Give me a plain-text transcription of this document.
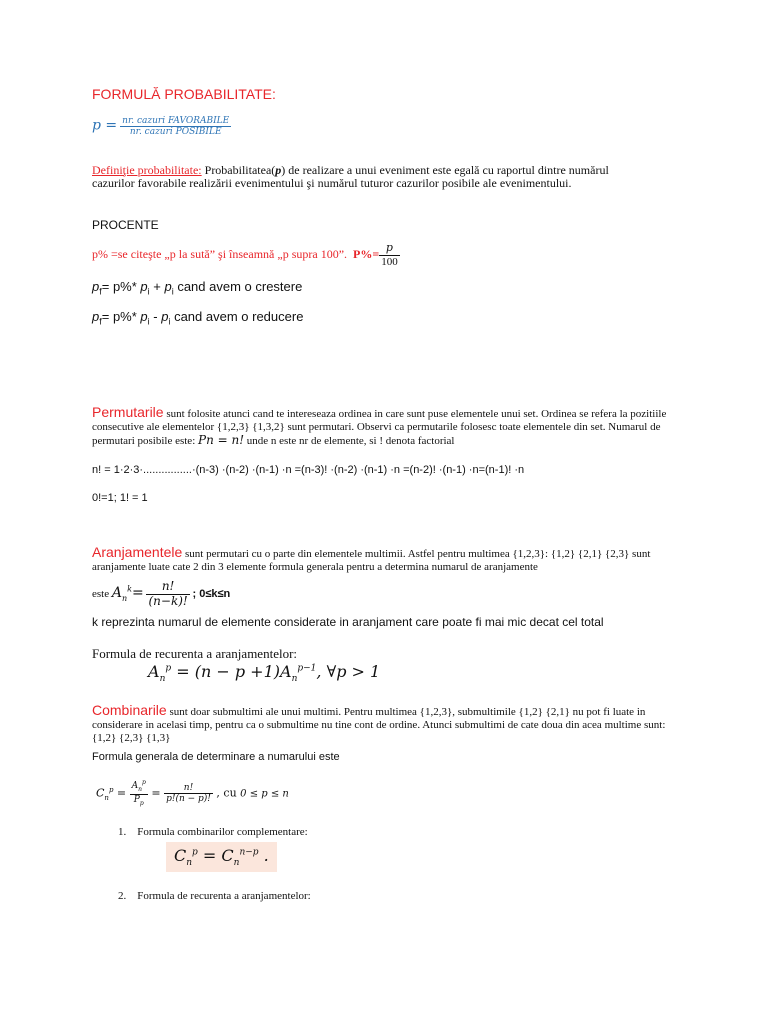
FORMULĂ PROBABILITATE:
$p = \frac{\text{nr. cazuri FAVORABILE}}{\text{nr. cazuri POSIBILE}}$

Definiţie probabilitate: Probabilitatea(p) de realizare a unui eveniment este egală cu raportul dintre numărul cazurilor favorabile realizării evenimentului şi numărul tuturor cazurilor posibile ale evenimentului.

PROCENTE
p% =se citeşte „p la sută” şi înseamnă „p supra 100”. $P\%= \frac{p}{100}$
$p_f= p\%*$ $p_i + p_i$ cand avem o crestere
$p_f= p\%*$ $p_i - p_i$ cand avem o reducere

Permutarile sunt folosite atunci cand te intereseaza ordinea in care sunt puse elementele unui set. Ordinea se refera la pozitiile consecutive ale elementelor {1,2,3} {1,3,2} sunt permutari. Observi ca permutarile folosesc toate elementele din set. Numarul de permutari posibile este: Pn = n! unde n este nr de elemente, si ! denota factorial

n! = 1·2·3·................·(n-3) ·(n-2) ·(n-1) ·n =(n-3)! ·(n-2) ·(n-1) ·n =(n-2)! ·(n-1) ·n=(n-1)! ·n
0!=1; 1! = 1

Aranjamentele sunt permutari cu o parte din elementele multimii. Astfel pentru multimea {1,2,3}: {1,2} {2,1} {2,3} sunt aranjamente luate cate 2 din 3 elemente formula generala pentru a determina numarul de aranjamente

este $A_n^k= \frac{n!}{(n-k)!}$ ; 0≤k≤n
k reprezinta numarul de elemente considerate in aranjament care poate fi mai mic decat cel total
Formula de recurenta a aranjamentelor:
$A_n^p = (n - p +1)A_n^{p-1}$, ∀p > 1

Combinarile sunt doar submultimi ale unui multimi. Pentru multimea {1,2,3}, submultimile {1,2} {2,1} nu pot fi luate in considerare in acelasi timp, pentru ca o submultime nu tine cont de ordine. Atunci submultimi de cate doua din acea multime sunt: {1,2} {2,3} {1,3}

Formula generala de determinare a numarului este
$C_n^p = \frac{A_n^p}{P_p} = \frac{n!}{p!(n - p)!}$ , cu 0 ≤ p ≤ n
1. Formula combinarilor complementare:
$C_n^p = C_n^{n-p}$ .
2. Formula de recurenta a aranjamentelor:
